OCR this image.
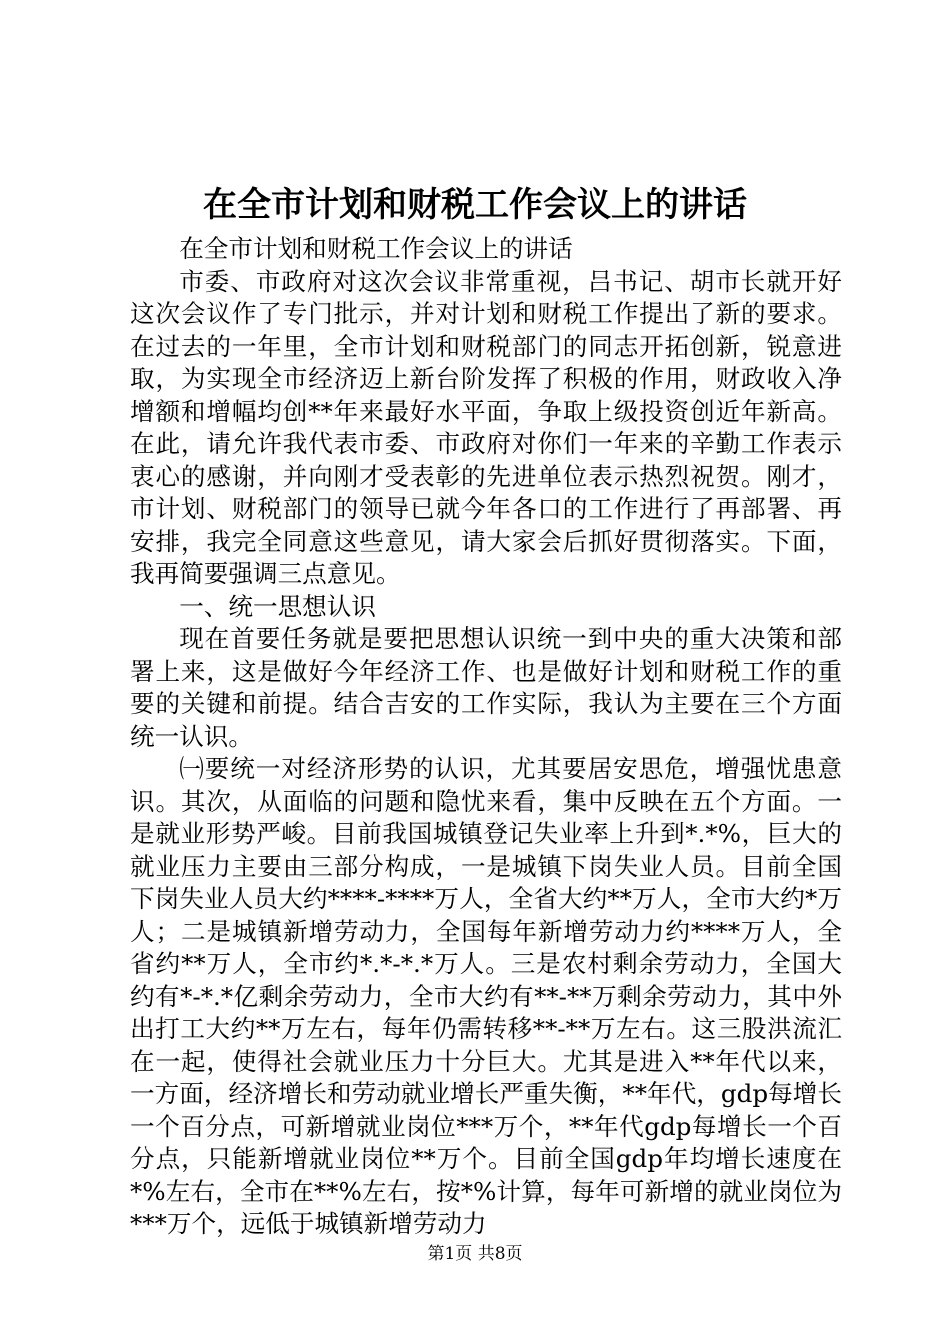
在全市计划和财税工作会议上的讲话

在全市计划和财税工作会议上的讲话

市委、市政府对这次会议非常重视，吕书记、胡市长就开好这次会议作了专门批示，并对计划和财税工作提出了新的要求。在过去的一年里，全市计划和财税部门的同志开拓创新，锐意进取，为实现全市经济迈上新台阶发挥了积极的作用，财政收入净增额和增幅均创**年来最好水平面，争取上级投资创近年新高。在此，请允许我代表市委、市政府对你们一年来的辛勤工作表示衷心的感谢，并向刚才受表彰的先进单位表示热烈祝贺。刚才，市计划、财税部门的领导已就今年各口的工作进行了再部署、再安排，我完全同意这些意见，请大家会后抓好贯彻落实。下面，我再简要强调三点意见。

一、统一思想认识

现在首要任务就是要把思想认识统一到中央的重大决策和部署上来，这是做好今年经济工作、也是做好计划和财税工作的重要的关键和前提。结合吉安的工作实际，我认为主要在三个方面统一认识。

㈠要统一对经济形势的认识，尤其要居安思危，增强忧患意识。其次，从面临的问题和隐忧来看，集中反映在五个方面。一是就业形势严峻。目前我国城镇登记失业率上升到*.*%，巨大的就业压力主要由三部分构成，一是城镇下岗失业人员。目前全国下岗失业人员大约****-****万人，全省大约**万人，全市大约*万人；二是城镇新增劳动力，全国每年新增劳动力约****万人，全省约**万人，全市约*.*-*.*万人。三是农村剩余劳动力，全国大约有*-*.*亿剩余劳动力，全市大约有**-**万剩余劳动力，其中外出打工大约**万左右，每年仍需转移**-**万左右。这三股洪流汇在一起，使得社会就业压力十分巨大。尤其是进入**年代以来，一方面，经济增长和劳动就业增长严重失衡，**年代，gdp每增长一个百分点，可新增就业岗位***万个，**年代gdp每增长一个百分点，只能新增就业岗位**万个。目前全国gdp年均增长速度在*%左右，全市在**%左右，按*%计算，每年可新增的就业岗位为***万个，远低于城镇新增劳动力

第1页 共8页
